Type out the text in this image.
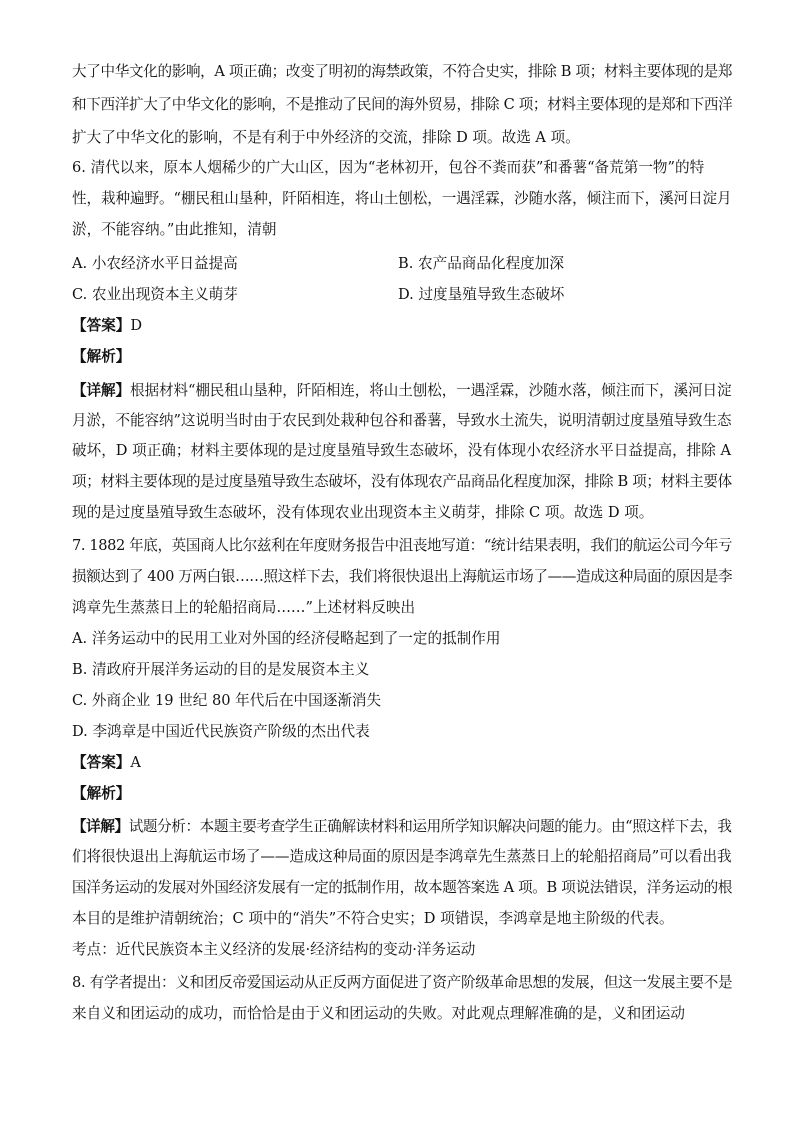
大了中华文化的影响，A 项正确；改变了明初的海禁政策，不符合史实，排除 B 项；材料主要体现的是郑
和下西洋扩大了中华文化的影响，不是推动了民间的海外贸易，排除 C 项；材料主要体现的是郑和下西洋
扩大了中华文化的影响，不是有利于中外经济的交流，排除 D 项。故选 A 项。
6. 清代以来，原本人烟稀少的广大山区，因为“老林初开，包谷不粪而获”和番薯“备荒第一物”的特
性，栽种遍野。“棚民租山垦种，阡陌相连，将山土刨松，一遇淫霖，沙随水落，倾注而下，溪河日淀月
淤，不能容纳。”由此推知，清朝
A. 小农经济水平日益提高	B. 农产品商品化程度加深
C. 农业出现资本主义萌芽	D. 过度垦殖导致生态破坏
【答案】D
【解析】
【详解】根据材料“棚民租山垦种，阡陌相连，将山土刨松，一遇淫霖，沙随水落，倾注而下，溪河日淀
月淤，不能容纳”这说明当时由于农民到处栽种包谷和番薯，导致水土流失，说明清朝过度垦殖导致生态
破坏，D 项正确；材料主要体现的是过度垦殖导致生态破坏，没有体现小农经济水平日益提高，排除 A
项；材料主要体现的是过度垦殖导致生态破坏，没有体现农产品商品化程度加深，排除 B 项；材料主要体
现的是过度垦殖导致生态破坏，没有体现农业出现资本主义萌芽，排除 C 项。故选 D 项。
7. 1882 年底，英国商人比尔兹利在年度财务报告中沮丧地写道：“统计结果表明，我们的航运公司今年亏
损额达到了 400 万两白银……照这样下去，我们将很快退出上海航运市场了——造成这种局面的原因是李
鸿章先生蒸蒸日上的轮船招商局……”上述材料反映出
A. 洋务运动中的民用工业对外国的经济侵略起到了一定的抵制作用
B. 清政府开展洋务运动的目的是发展资本主义
C. 外商企业 19 世纪 80 年代后在中国逐渐消失
D. 李鸿章是中国近代民族资产阶级的杰出代表
【答案】A
【解析】
【详解】试题分析：本题主要考查学生正确解读材料和运用所学知识解决问题的能力。由“照这样下去，我
们将很快退出上海航运市场了——造成这种局面的原因是李鸿章先生蒸蒸日上的轮船招商局”可以看出我
国洋务运动的发展对外国经济发展有一定的抵制作用，故本题答案选 A 项。B 项说法错误，洋务运动的根
本目的是维护清朝统治；C 项中的“消失”不符合史实；D 项错误，李鸿章是地主阶级的代表。
考点：近代民族资本主义经济的发展·经济结构的变动·洋务运动
8. 有学者提出：义和团反帝爱国运动从正反两方面促进了资产阶级革命思想的发展，但这一发展主要不是
来自义和团运动的成功，而恰恰是由于义和团运动的失败。对此观点理解准确的是，义和团运动
